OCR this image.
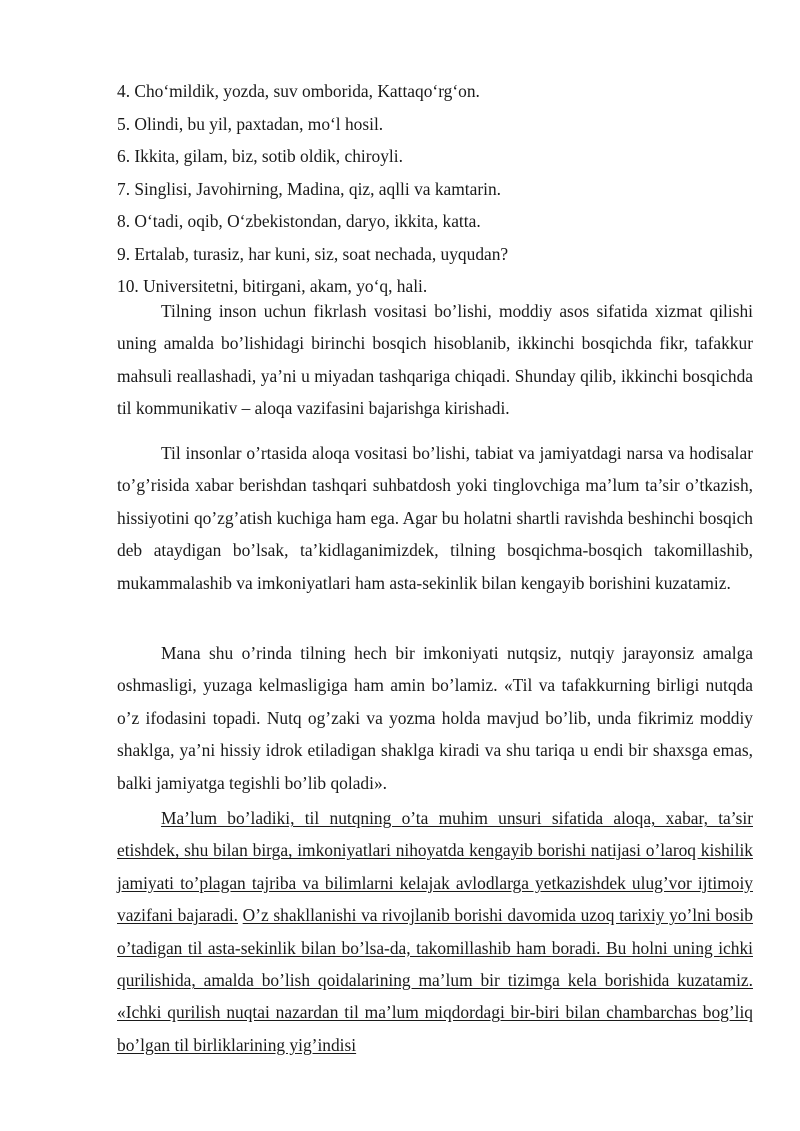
4. Cho‘mildik, yozda, suv omborida, Kattaqo‘rg‘on.
5. Olindi, bu yil, paxtadan, mo‘l hosil.
6. Ikkita, gilam, biz, sotib oldik, chiroyli.
7. Singlisi, Javohirning, Madina, qiz, aqlli va kamtarin.
8. O‘tadi, oqib, O‘zbekistondan, daryo, ikkita, katta.
9. Ertalab, turasiz, har kuni, siz, soat nechada, uyqudan?
10. Universitetni, bitirgani, akam, yo‘q, hali.

Tilning inson uchun fikrlash vositasi bo’lishi, moddiy asos sifatida xizmat qilishi uning amalda bo’lishidagi birinchi bosqich hisoblanib, ikkinchi bosqichda fikr, tafakkur mahsuli reallashadi, ya’ni u miyadan tashqariga chiqadi. Shunday qilib, ikkinchi bosqichda til kommunikativ – aloqa vazifasini bajarishga kirishadi.

Til insonlar o’rtasida aloqa vositasi bo’lishi, tabiat va jamiyatdagi narsa va hodisalar to’g’risida xabar berishdan tashqari suhbatdosh yoki tinglovchiga ma’lum ta’sir o’tkazish, hissiyotini qo’zg’atish kuchiga ham ega. Agar bu holatni shartli ravishda beshinchi bosqich deb ataydigan bo’lsak, ta’kidlaganimizdek, tilning bosqichma-bosqich takomillashib, mukammalashib va imkoniyatlari ham asta-sekinlik bilan kengayib borishini kuzatamiz.

Mana shu o’rinda tilning hech bir imkoniyati nutqsiz, nutqiy jarayonsiz amalga oshmasligi, yuzaga kelmasligiga ham amin bo’lamiz. «Til va tafakkurning birligi nutqda o’z ifodasini topadi. Nutq og’zaki va yozma holda mavjud bo’lib, unda fikrimiz moddiy shaklga, ya’ni hissiy idrok etiladigan shaklga kiradi va shu tariqa u endi bir shaxsga emas, balki jamiyatga tegishli bo’lib qoladi».

Ma’lum bo’ladiki, til nutqning o’ta muhim unsuri sifatida aloqa, xabar, ta’sir etishdek, shu bilan birga, imkoniyatlari nihoyatda kengayib borishi natijasi o’laroq kishilik jamiyati to’plagan tajriba va bilimlarni kelajak avlodlarga yetkazishdek ulug’vor ijtimoiy vazifani bajaradi. O’z shakllanishi va rivojlanib borishi davomida uzoq tarixiy yo’lni bosib o’tadigan til asta-sekinlik bilan bo’lsa-da, takomillashib ham boradi. Bu holni uning ichki qurilishida, amalda bo’lish qoidalarining ma’lum bir tizimga kela borishida kuzatamiz. «Ichki qurilish nuqtai nazardan til ma’lum miqdordagi bir-biri bilan chambarchas bog’liq bo’lgan til birliklarining yig’indisi
